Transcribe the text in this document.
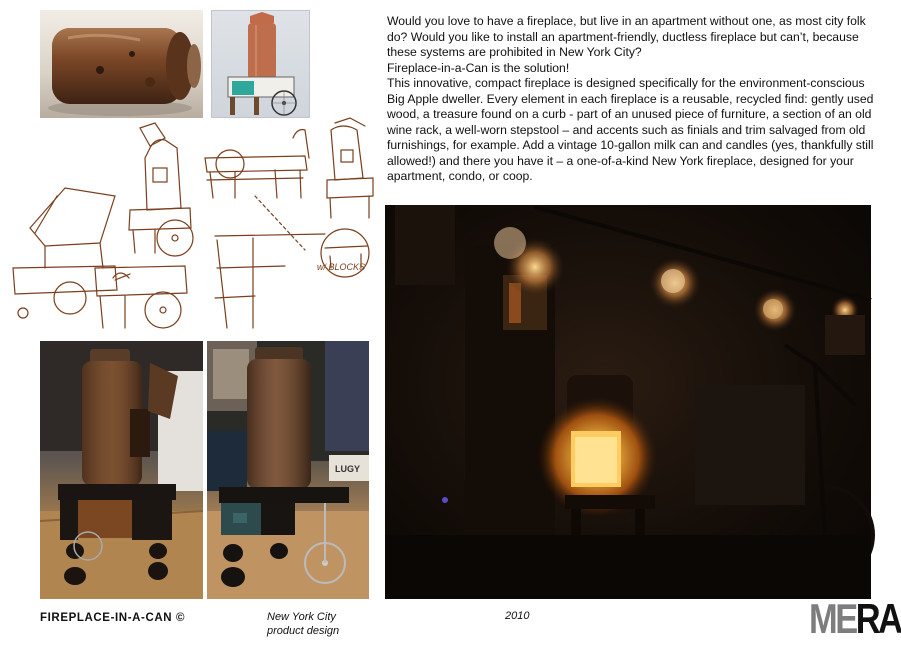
w/ BLOCKS
LUGY

Would you love to have a fireplace, but live in an apartment without one, as most city folk do? Would you like to install an apartment-friendly, ductless fireplace but can’t, because these systems are prohibited in New York City?

Fireplace-in-a-Can is the solution!

This innovative, compact fireplace is designed specifically for the environment-conscious Big Apple dweller. Every element in each fireplace is a reusable, recycled find: gently used wood, a treasure found on a curb - part of an unused piece of furniture, a section of an old wine rack, a well-worn stepstool – and accents such as finials and trim salvaged from old furnishings, for example. Add a vintage 10-gallon milk can and candles (yes, thankfully still allowed!) and there you have it – a one-of-a-kind New York fireplace, designed for your apartment, condo, or coop.

FIREPLACE-IN-A-CAN ©	New York City
product design
2010	MERA
